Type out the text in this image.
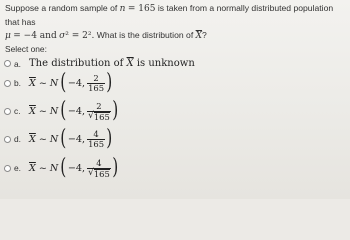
Suppose a random sample of n = 165 is taken from a normally distributed population that has
μ = −4 and σ² = 2². What is the distribution of $\overline{X}$?
Select one:
a. The distribution of $\overline{X}$ is unknown
b. $\overline{X}$ ~ N ( −4, $\frac{2}{165}$ )
c. $\overline{X}$ ~ N ( −4, $\frac{2}{√ 165}$ )
d. $\overline{X}$ ~ N ( −4, $\frac{4}{165}$ )
e. $\overline{X}$ ~ N ( −4, $\frac{4}{√ 165}$ )
